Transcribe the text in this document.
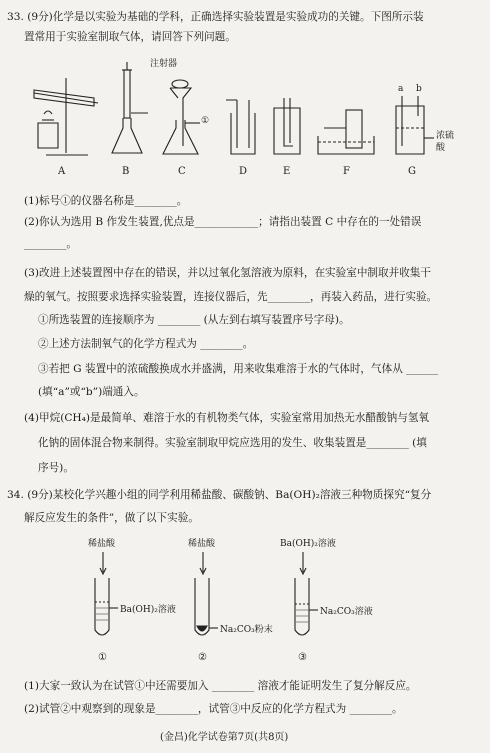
33. (9分)化学是以实验为基础的学科，正确选择实验装置是实验成功的关键。下图所示装
置常用于实验室制取气体，请回答下列问题。
A	B	C	D	E	F	G
注射器
①
a b
浓硫
酸
(1)标号①的仪器名称是________。
(2)你认为选用 B 作发生装置,优点是____________；请指出装置 C 中存在的一处错误
________。
(3)改进上述装置图中存在的错误，并以过氧化氢溶液为原料，在实验室中制取并收集干
燥的氧气。按照要求选择实验装置，连接仪器后，先________，再装入药品，进行实验。
①所选装置的连接顺序为 ________ (从左到右填写装置序号字母)。
②上述方法制氧气的化学方程式为 ________。
③若把 G 装置中的浓硫酸换成水并盛满，用来收集难溶于水的气体时，气体从 ______
(填“a”或“b”)端通入。
(4)甲烷(CH₄)是最简单、难溶于水的有机物类气体，实验室常用加热无水醋酸钠与氢氧
化钠的固体混合物来制得。实验室制取甲烷应选用的发生、收集装置是________ (填
序号)。
34. (9分)某校化学兴趣小组的同学利用稀盐酸、碳酸钠、Ba(OH)₂溶液三种物质探究“复分
解反应发生的条件”，做了以下实验。
稀盐酸
Ba(OH)₂溶液
①
稀盐酸
Na₂CO₃粉末
②
Ba(OH)₂溶液
Na₂CO₃溶液
③
(1)大家一致认为在试管①中还需要加入 ________ 溶液才能证明发生了复分解反应。
(2)试管②中观察到的现象是________，试管③中反应的化学方程式为 ________。
(金昌)化学试卷第7页(共8页)
